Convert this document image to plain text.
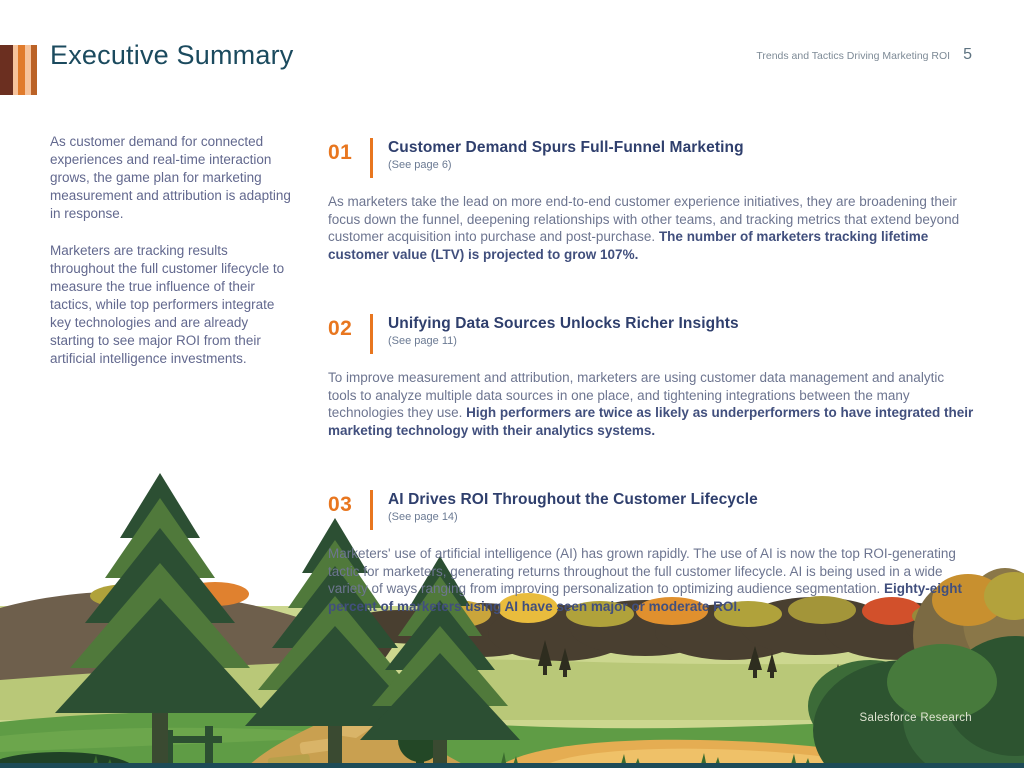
Executive Summary	Trends and Tactics Driving Marketing ROI 5

As customer demand for connected experiences and real-time interaction grows, the game plan for marketing measurement and attribution is adapting in response.

Marketers are tracking results throughout the full customer lifecycle to measure the true influence of their tactics, while top performers integrate key technologies and are already starting to see major ROI from their artificial intelligence investments.

01	Customer Demand Spurs Full-Funnel Marketing
(See page 6)

As marketers take the lead on more end-to-end customer experience initiatives, they are broadening their focus down the funnel, deepening relationships with other teams, and tracking metrics that extend beyond customer acquisition into purchase and post-purchase. The number of marketers tracking lifetime customer value (LTV) is projected to grow 107%.

02	Unifying Data Sources Unlocks Richer Insights
(See page 11)

To improve measurement and attribution, marketers are using customer data management and analytic tools to analyze multiple data sources in one place, and tightening integrations between the many technologies they use. High performers are twice as likely as underperformers to have integrated their marketing technology with their analytics systems.

03	AI Drives ROI Throughout the Customer Lifecycle
(See page 14)

Marketers' use of artificial intelligence (AI) has grown rapidly. The use of AI is now the top ROI-generating tactic for marketers, generating returns throughout the full customer lifecycle. AI is being used in a wide variety of ways ranging from improving personalization to optimizing audience segmentation. Eighty-eight percent of marketers using AI have seen major or moderate ROI.

Salesforce Research
